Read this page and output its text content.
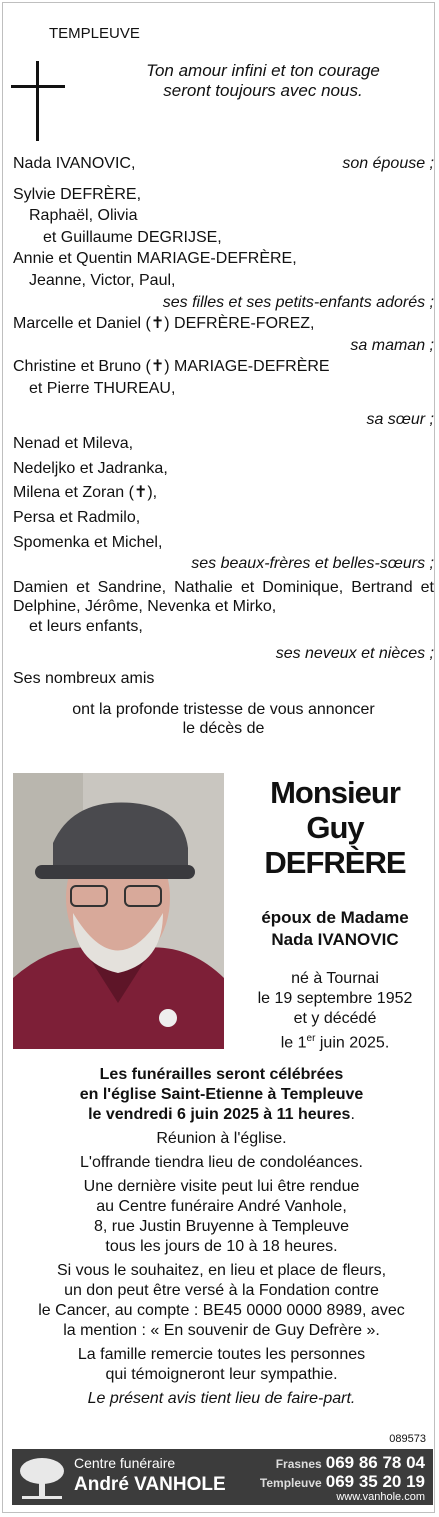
TEMPLEUVE
Ton amour infini et ton courage
seront toujours avec nous.
Nada IVANOVIC,	son épouse ;
Sylvie DEFRÈRE,
Raphaël, Olivia
et Guillaume DEGRIJSE,
Annie et Quentin MARIAGE-DEFRÈRE,
Jeanne, Victor, Paul,
ses filles et ses petits-enfants adorés ;
Marcelle et Daniel (✝) DEFRÈRE-FOREZ,
sa maman ;
Christine et Bruno (✝) MARIAGE-DEFRÈRE
et Pierre THUREAU,
sa sœur ;
Nenad et Mileva,
Nedeljko et Jadranka,
Milena et Zoran (✝),
Persa et Radmilo,
Spomenka et Michel,
ses beaux-frères et belles-sœurs ;
Damien et Sandrine, Nathalie et Dominique, Bertrand et Delphine, Jérôme, Nevenka et Mirko,
et leurs enfants,
ses neveux et nièces ;
Ses nombreux amis
ont la profonde tristesse de vous annoncer
le décès de
Monsieur
Guy
DEFRÈRE
époux de Madame
Nada IVANOVIC
né à Tournai
le 19 septembre 1952
et y décédé
le 1er juin 2025.

Les funérailles seront célébrées
en l'église Saint-Etienne à Templeuve
le vendredi 6 juin 2025 à 11 heures.

Réunion à l'église.

L'offrande tiendra lieu de condoléances.

Une dernière visite peut lui être rendue
au Centre funéraire André Vanhole,
8, rue Justin Bruyenne à Templeuve
tous les jours de 10 à 18 heures.

Si vous le souhaitez, en lieu et place de fleurs,
un don peut être versé à la Fondation contre
le Cancer, au compte : BE45 0000 0000 8989, avec
la mention : « En souvenir de Guy Defrère ».

La famille remercie toutes les personnes
qui témoigneront leur sympathie.

Le présent avis tient lieu de faire-part.

089573
Centre funéraire
André VANHOLE
Frasnes 069 86 78 04
Templeuve 069 35 20 19
www.vanhole.com
